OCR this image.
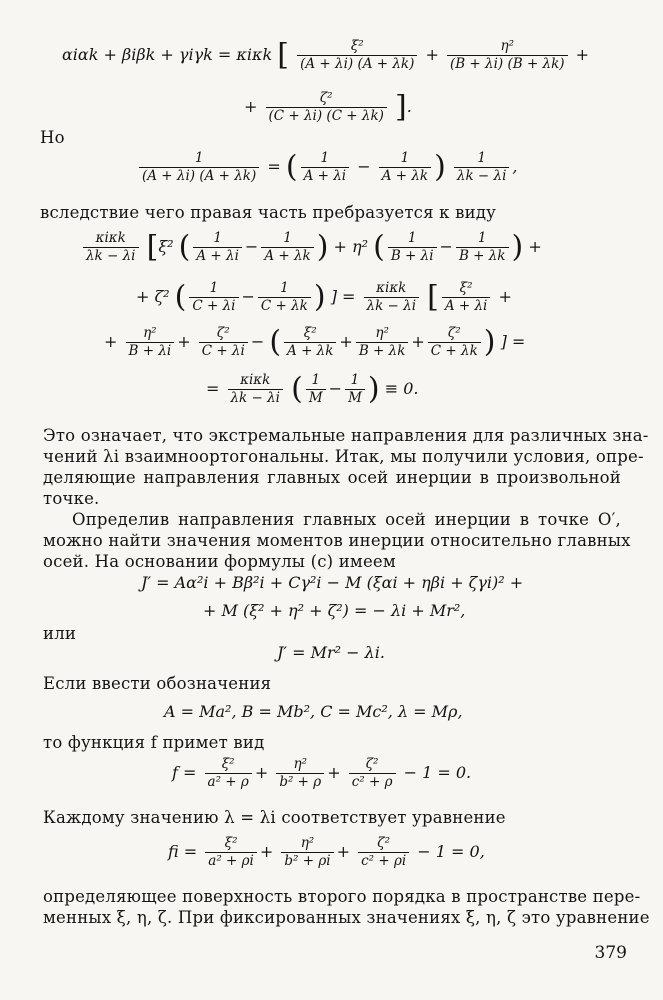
αiαk + βiβk + γiγk = κiκk [ $\frac{\text{ξ²}}{(A + \lambda i) (A + \lambda k)} + \frac{\text{η²}}{(B + \lambda i) (B + \lambda k)}$ +
+ $\frac{\text{ζ²}}{(C + \lambda i) (C + \lambda k)}$ ].
Но
$\frac{1}{(A + \lambda i) (A + \lambda k)}$ = ( $\frac{1}{A + \lambda i} - \frac{1}{A + \lambda k}$ ) $\frac{1}{\lambda k - \lambda i}$ ,
вследствие чего правая часть пребразуется к виду
$\frac{\text{κiκk}}{\lambda k - \lambda i} [\xi^2$ ( $\frac{1}{A + \lambda i} - \frac{1}{A + \lambda k}$ ) + η² ( $\frac{1}{B + \lambda i} - \frac{1}{B + \lambda k}$ ) +
+ ζ² ( $\frac{1}{C + \lambda i} - \frac{1}{C + \lambda k}$ ) ] = $\frac{\text{κiκk}}{\lambda k - \lambda i}$ [ $\frac{\text{ξ²}}{A + \lambda i}$ +
+ $\frac{\text{η²}}{B + \lambda i} + \frac{\text{ζ²}}{C + \lambda i}$ − ( $\frac{\text{ξ²}}{A + \lambda k} + \frac{\text{η²}}{B + \lambda k} + \frac{\text{ζ²}}{C + \lambda k}$ ) ] =
= $\frac{\text{κiκk}}{\lambda k - \lambda i}$ ( $\frac{1}{M} - \frac{1}{M}$ ) ≡ 0.
Это означает, что экстремальные направления для различных зна-
чений λi взаимноортогональны. Итак, мы получили условия, опре-
деляющие направления главных осей инерции в произвольной
точке.
Определив направления главных осей инерции в точке O′,
можно найти значения моментов инерции относительно главных
осей. На основании формулы (с) имеем
J′ = Aα²i + Bβ²i + Cγ²i − M (ξαi + ηβi + ζγi)² +
+ M (ξ² + η² + ζ²) = − λi + Mr²,
или
J′ = Mr² − λi.
Если ввести обозначения
A = Ma², B = Mb², C = Mc², λ = Mρ,
то функция f примет вид
$f = \frac{\text{ξ²}}{\text{a² + ρ}} + \frac{\text{η²}}{\text{b² + ρ}} + \frac{\text{ζ²}}{\text{c² + ρ}} - 1 = 0$.
Каждому значению λ = λi соответствует уравнение
fi = $\frac{\text{ξ²}}{\text{a² + ρi}} + \frac{\text{η²}}{\text{b² + ρi}} + \frac{\text{ζ²}}{\text{c² + ρi}} - 1 = 0$,
определяющее поверхность второго порядка в пространстве пере-
менных ξ, η, ζ. При фиксированных значениях ξ, η, ζ это уравнение
379
